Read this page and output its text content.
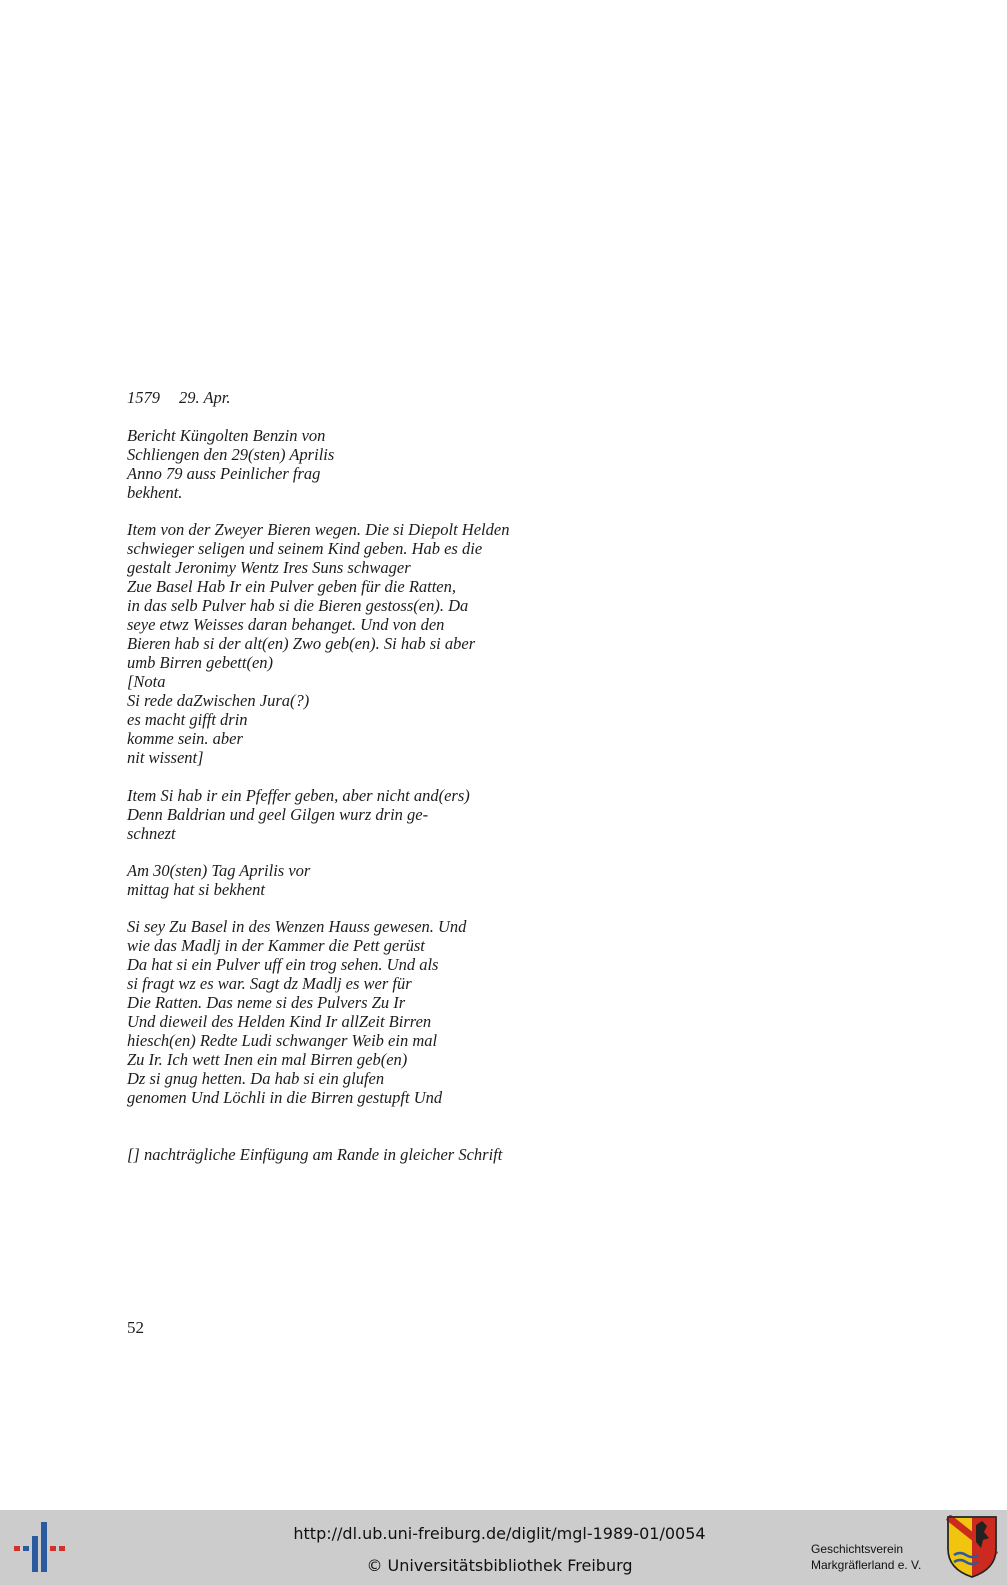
1579 29. Apr.
Bericht Küngolten Benzin von
Schliengen den 29(sten) Aprilis
Anno 79 auss Peinlicher frag
bekhent.
Item von der Zweyer Bieren wegen. Die si Diepolt Helden
schwieger seligen und seinem Kind geben. Hab es die
gestalt Jeronimy Wentz Ires Suns schwager
Zue Basel Hab Ir ein Pulver geben für die Ratten,
in das selb Pulver hab si die Bieren gestoss(en). Da
seye etwz Weisses daran behanget. Und von den
Bieren hab si der alt(en) Zwo geb(en). Si hab si aber
umb Birren gebett(en)
[Nota
Si rede daZwischen Jura(?)
es macht gifft drin
komme sein. aber
nit wissent]
Item Si hab ir ein Pfeffer geben, aber nicht and(ers)
Denn Baldrian und geel Gilgen wurz drin ge-
schnezt
Am 30(sten) Tag Aprilis vor
mittag hat si bekhent
Si sey Zu Basel in des Wenzen Hauss gewesen. Und
wie das Madlj in der Kammer die Pett gerüst
Da hat si ein Pulver uff ein trog sehen. Und als
si fragt wz es war. Sagt dz Madlj es wer für
Die Ratten. Das neme si des Pulvers Zu Ir
Und dieweil des Helden Kind Ir allZeit Birren
hiesch(en) Redte Ludi schwanger Weib ein mal
Zu Ir. Ich wett Inen ein mal Birren geb(en)
Dz si gnug hetten. Da hab si ein glufen
genomen Und Löchli in die Birren gestupft Und
[] nachträgliche Einfügung am Rande in gleicher Schrift
52
http://dl.ub.uni-freiburg.de/diglit/mgl-1989-01/0054
© Universitätsbibliothek Freiburg
Geschichtsverein
Markgräflerland e. V.
